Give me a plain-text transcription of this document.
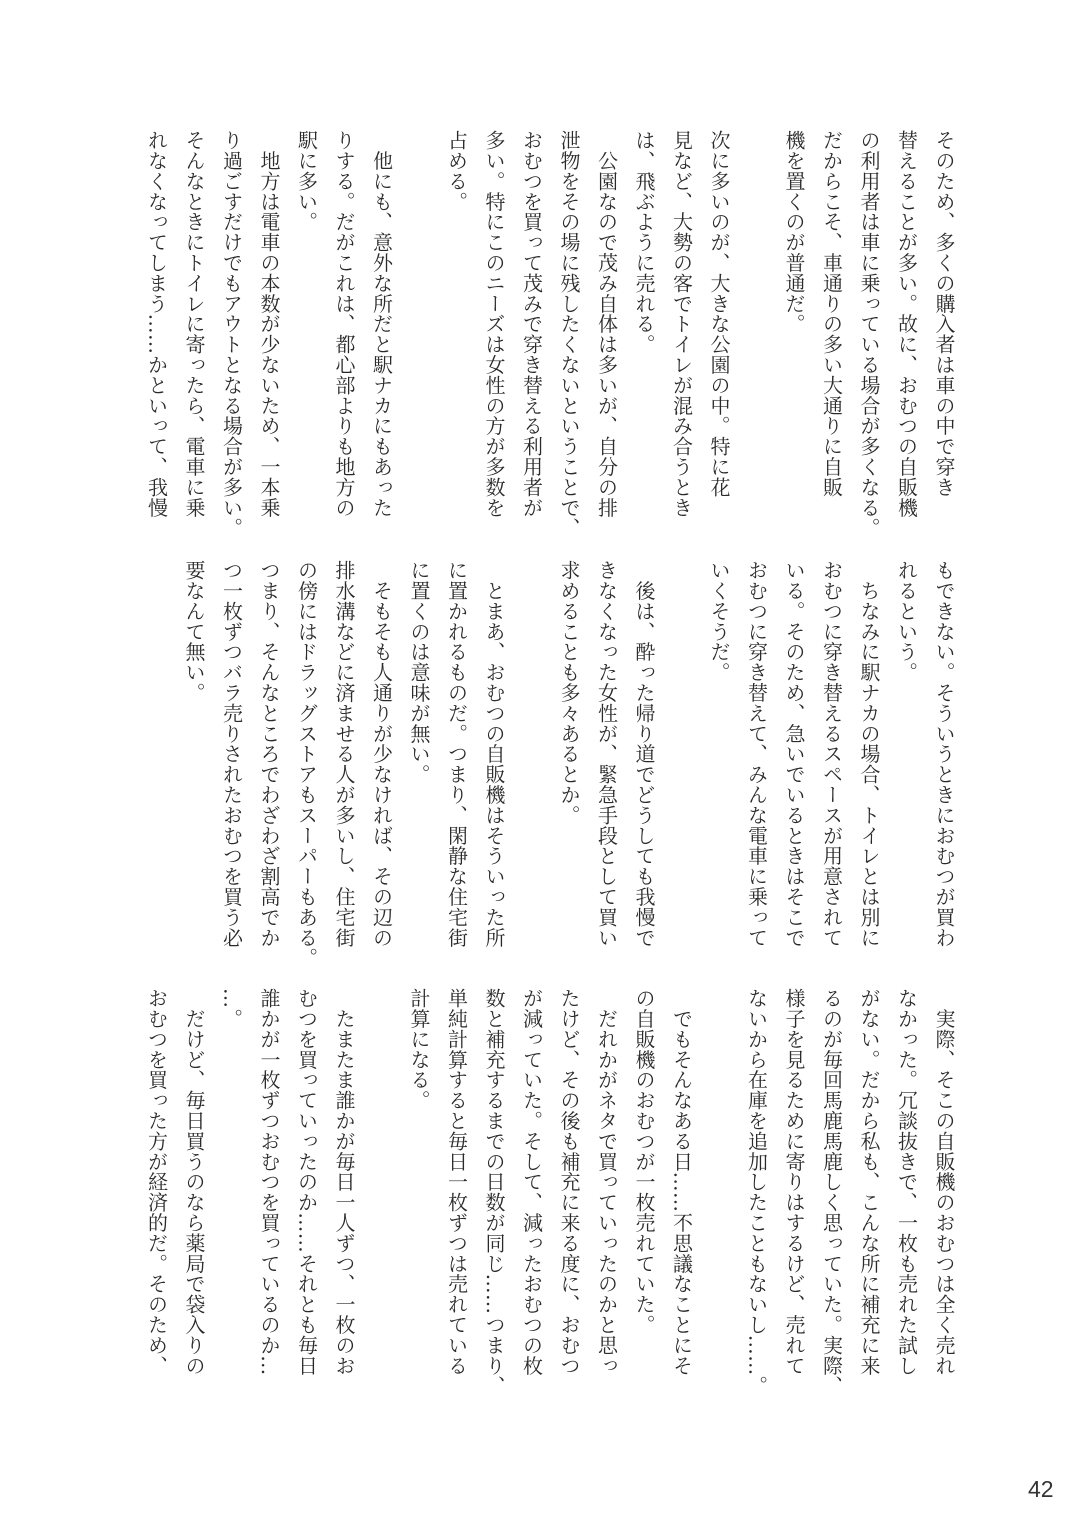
そのため、多くの購入者は車の中で穿き
替えることが多い。故に、おむつの自販機
の利用者は車に乗っている場合が多くなる。
だからこそ、車通りの多い大通りに自販
機を置くのが普通だ。
次に多いのが、大きな公園の中。特に花
見など、大勢の客でトイレが混み合うとき
は、飛ぶように売れる。
　公園なので茂み自体は多いが、自分の排
泄物をその場に残したくないということで、
おむつを買って茂みで穿き替える利用者が
多い。特にこのニーズは女性の方が多数を
占める。
　他にも、意外な所だと駅ナカにもあった
りする。だがこれは、都心部よりも地方の
駅に多い。
　地方は電車の本数が少ないため、一本乗
り過ごすだけでもアウトとなる場合が多い。
そんなときにトイレに寄ったら、電車に乗
れなくなってしまう……かといって、我慢
もできない。そういうときにおむつが買わ
れるという。
　ちなみに駅ナカの場合、トイレとは別に
おむつに穿き替えるスペースが用意されて
いる。そのため、急いでいるときはそこで
おむつに穿き替えて、みんな電車に乗って
いくそうだ。
　後は、酔った帰り道でどうしても我慢で
きなくなった女性が、緊急手段として買い
求めることも多々あるとか。
　とまあ、おむつの自販機はそういった所
に置かれるものだ。つまり、閑静な住宅街
に置くのは意味が無い。
　そもそも人通りが少なければ、その辺の
排水溝などに済ませる人が多いし、住宅街
の傍にはドラッグストアもスーパーもある。
つまり、そんなところでわざわざ割高でか
つ一枚ずつバラ売りされたおむつを買う必
要なんて無い。
　実際、そこの自販機のおむつは全く売れ
なかった。冗談抜きで、一枚も売れた試し
がない。だから私も、こんな所に補充に来
るのが毎回馬鹿馬鹿しく思っていた。実際、
様子を見るために寄りはするけど、売れて
ないから在庫を追加したこともないし……。
　でもそんなある日……不思議なことにそ
の自販機のおむつが一枚売れていた。
　だれかがネタで買っていったのかと思っ
たけど、その後も補充に来る度に、おむつ
が減っていた。そして、減ったおむつの枚
数と補充するまでの日数が同じ……つまり、
単純計算すると毎日一枚ずつは売れている
計算になる。
　たまたま誰かが毎日一人ずつ、一枚のお
むつを買っていったのか……それとも毎日
誰かが一枚ずつおむつを買っているのか…
…。
　だけど、毎日買うのなら薬局で袋入りの
おむつを買った方が経済的だ。そのため、
42
